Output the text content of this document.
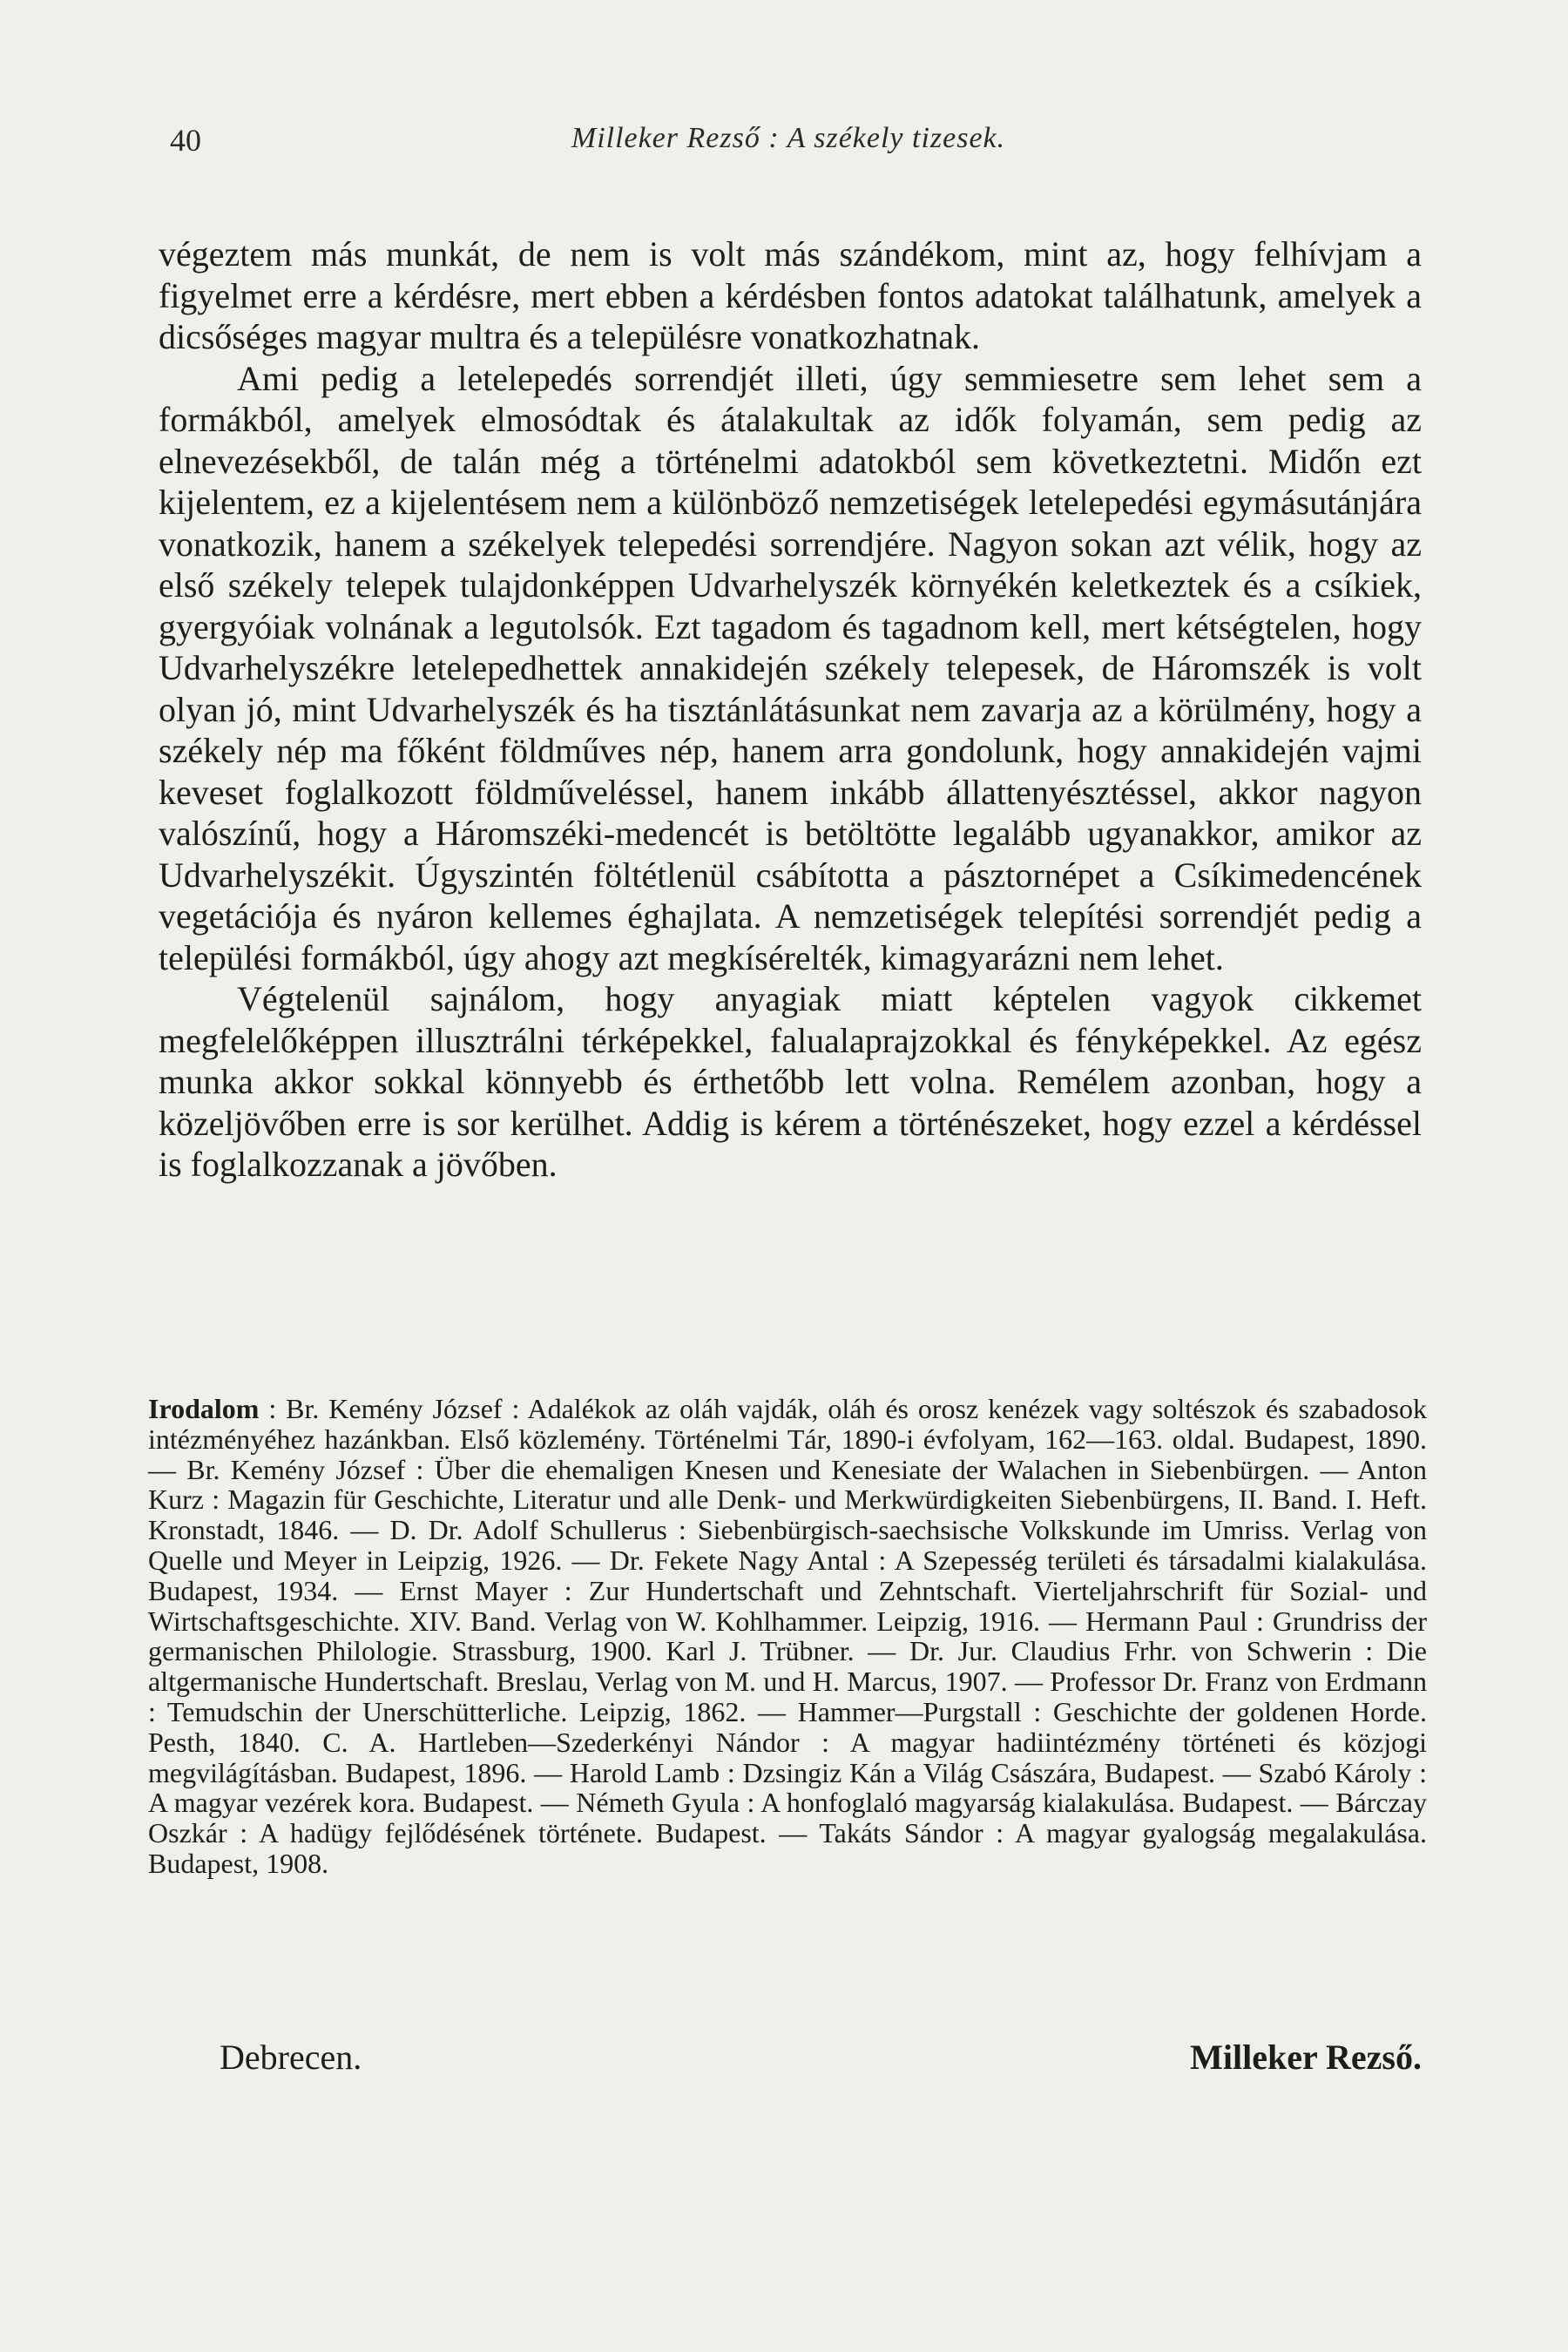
40	Milleker Rezső : A székely tizesek.

végeztem más munkát, de nem is volt más szándékom, mint az, hogy felhívjam a figyelmet erre a kérdésre, mert ebben a kérdésben fontos adatokat találhatunk, amelyek a dicsőséges magyar multra és a településre vonatkozhatnak.

Ami pedig a letelepedés sorrendjét illeti, úgy semmiesetre sem lehet sem a formákból, amelyek elmosódtak és átalakultak az idők folyamán, sem pedig az elnevezésekből, de talán még a történelmi adatokból sem következtetni. Midőn ezt kijelentem, ez a kijelentésem nem a különböző nemzetiségek letelepedési egymásutánjára vonatkozik, hanem a székelyek telepedési sorrendjére. Nagyon sokan azt vélik, hogy az első székely telepek tulajdonképpen Udvarhelyszék környékén keletkeztek és a csíkiek, gyergyóiak volnának a legutolsók. Ezt tagadom és tagadnom kell, mert kétségtelen, hogy Udvarhelyszékre letelepedhettek annakidején székely telepesek, de Háromszék is volt olyan jó, mint Udvarhelyszék és ha tisztánlátásunkat nem zavarja az a körülmény, hogy a székely nép ma főként földműves nép, hanem arra gondolunk, hogy annakidején vajmi keveset foglalkozott földműveléssel, hanem inkább állattenyésztéssel, akkor nagyon valószínű, hogy a Háromszéki-medencét is betöltötte legalább ugyanakkor, amikor az Udvarhelyszékit. Úgyszintén föltétlenül csábította a pásztornépet a Csíkimedencének vegetációja és nyáron kellemes éghajlata. A nemzetiségek telepítési sorrendjét pedig a települési formákból, úgy ahogy azt megkísérelték, kimagyarázni nem lehet.

Végtelenül sajnálom, hogy anyagiak miatt képtelen vagyok cikkemet megfelelőképpen illusztrálni térképekkel, falualaprajzokkal és fényképekkel. Az egész munka akkor sokkal könnyebb és érthetőbb lett volna. Remélem azonban, hogy a közeljövőben erre is sor kerülhet. Addig is kérem a történészeket, hogy ezzel a kérdéssel is foglalkozzanak a jövőben.

Irodalom : Br. Kemény József : Adalékok az oláh vajdák, oláh és orosz kenézek vagy soltészok és szabadosok intézményéhez hazánkban. Első közlemény. Történelmi Tár, 1890-i évfolyam, 162—163. oldal. Budapest, 1890. — Br. Kemény József : Über die ehemaligen Knesen und Kenesiate der Walachen in Siebenbürgen. — Anton Kurz : Magazin für Geschichte, Literatur und alle Denk- und Merkwürdigkeiten Siebenbürgens, II. Band. I. Heft. Kronstadt, 1846. — D. Dr. Adolf Schullerus : Siebenbürgisch-saechsische Volkskunde im Umriss. Verlag von Quelle und Meyer in Leipzig, 1926. — Dr. Fekete Nagy Antal : A Szepesség területi és társadalmi kialakulása. Budapest, 1934. — Ernst Mayer : Zur Hundertschaft und Zehntschaft. Vierteljahrschrift für Sozial- und Wirtschaftsgeschichte. XIV. Band. Verlag von W. Kohlhammer. Leipzig, 1916. — Hermann Paul : Grundriss der germanischen Philologie. Strassburg, 1900. Karl J. Trübner. — Dr. Jur. Claudius Frhr. von Schwerin : Die altgermanische Hundertschaft. Breslau, Verlag von M. und H. Marcus, 1907. — Professor Dr. Franz von Erdmann : Temudschin der Unerschütterliche. Leipzig, 1862. — Hammer—Purgstall : Geschichte der goldenen Horde. Pesth, 1840. C. A. Hartleben—Szederkényi Nándor : A magyar hadiintézmény történeti és közjogi megvilágításban. Budapest, 1896. — Harold Lamb : Dzsingiz Kán a Világ Császára, Budapest. — Szabó Károly : A magyar vezérek kora. Budapest. — Németh Gyula : A honfoglaló magyarság kialakulása. Budapest. — Bárczay Oszkár : A hadügy fejlődésének története. Budapest. — Takáts Sándor : A magyar gyalogság megalakulása. Budapest, 1908.
Debrecen.	Milleker Rezső.
